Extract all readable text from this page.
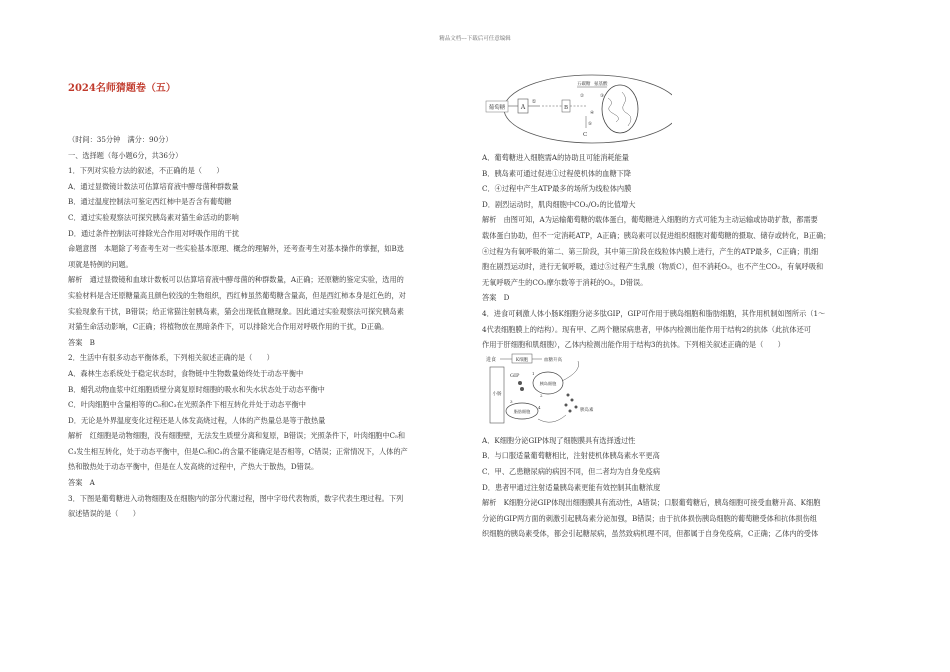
精品文档---下载后可任意编辑

2024名师猜题卷（五）

（时间：35分钟　满分：90分）

一、选择题（每小题6分，共36分）

1．下列对实验方法的叙述，不正确的是（　　）

A．通过显微镜计数法可估算培育液中酵母菌种群数量

B．通过温度控制法可鉴定西红柿中是否含有葡萄糖

C．通过实验观察法可探究胰岛素对猫生命活动的影响

D．通过条件控制法可排除光合作用对呼吸作用的干扰

命题意图　本题除了考查考生对一些实验基本原理、概念的理解外，还考查考生对基本操作的掌握，如B选

项就是特例的问题。

解析　通过显微镜和血球计数板可以估算培育液中酵母菌的种群数量，A正确；还原糖的鉴定实验，选用的

实验材料是含还原糖量高且颜色较浅的生物组织，西红柿虽然葡萄糖含量高，但是西红柿本身是红色的，对

实验现象有干扰，B错误；给正常猫注射胰岛素，猫会出现低血糖现象。因此通过实验观察法可探究胰岛素

对猫生命活动影响，C正确；将植物放在黑暗条件下，可以排除光合作用对呼吸作用的干扰，D正确。

答案　B

2．生活中有很多动态平衡体系，下列相关叙述正确的是（　　）

A．森林生态系统处于稳定状态时，食物链中生物数量始终处于动态平衡中

B．蜡乳动物血浆中红细胞质壁分离复原时细胞的吸水和失水状态处于动态平衡中

C．叶肉细胞中含量相等的C₅和C₃在光照条件下相互转化并处于动态平衡中

D．无论是外界温度变化过程还是人体发高烧过程，人体的产热量总是等于散热量

解析　红细胞是动物细胞，没有细胞壁，无法发生质壁分离和复原，B错误；光照条件下，叶肉细胞中C₅和

C₃发生相互转化，处于动态平衡中，但是C₅和C₃的含量不能确定是否相等，C错误；正常情况下，人体的产

热和散热处于动态平衡中，但是在人发高烧的过程中，产热大于散热，D错误。

答案　A

3．下图是葡萄糖进入动物细胞及在细胞内的部分代谢过程，图中字母代表物质，数字代表生理过程。下列

叙述错误的是（　　）

葡萄糖	A
①
B
五碳糖 氨基酸
②	③
④
⑤
C

A．葡萄糖进入细胞需A的协助且可能消耗能量

B．胰岛素可通过促进①过程使机体的血糖下降

C．④过程中产生ATP最多的场所为线粒体内膜

D．剧烈运动时，肌肉细胞中CO₂/O₂的比值增大

解析　由图可知，A为运输葡萄糖的载体蛋白，葡萄糖进入细胞的方式可能为主动运输或协助扩散，都需要

载体蛋白协助，但不一定消耗ATP，A正确；胰岛素可以促进组织细胞对葡萄糖的摄取、储存或转化，B正确；

④过程为有氧呼吸的第二、第三阶段，其中第三阶段在线粒体内膜上进行，产生的ATP最多，C正确；肌细

胞在剧烈运动时，进行无氧呼吸，通过⑤过程产生乳酸（物质C），但不消耗O₂，也不产生CO₂，有氧呼吸和

无氧呼吸产生的CO₂摩尔数等于消耗的O₂，D错误。

答案　D

4．进食可刺激人体小肠K细胞分泌多肽GIP，GIP可作用于胰岛细胞和脂肪细胞，其作用机制如图所示（1～

4代表细胞膜上的结构）。现有甲、乙两个糖尿病患者，甲体内检测出能作用于结构2的抗体（此抗体还可

作用于肝细胞和肌细胞），乙体内检测出能作用于结构3的抗体。下列相关叙述正确的是（　　）

进食	K细胞	血糖升高
小肠
GIP
胰岛细胞
1
2
脂肪细胞
3
4
胰岛素

A．K细胞分泌GIP体现了细胞膜具有选择透过性

B．与口服适量葡萄糖相比，注射使机体胰岛素水平更高

C．甲、乙患糖尿病的病因不同，但二者均为自身免疫病

D．患者甲通过注射适量胰岛素更能有效控制其血糖浓度

解析　K细胞分泌GIP体现出细胞膜具有流动性，A错误；口服葡萄糖后，胰岛细胞可接受血糖升高、K细胞

分泌的GIP两方面的刺激引起胰岛素分泌加强，B错误；由于抗体损伤胰岛细胞的葡萄糖受体和抗体损伤组

织细胞的胰岛素受体，都会引起糖尿病，虽然致病机理不同，但都属于自身免疫病，C正确；乙体内的受体
